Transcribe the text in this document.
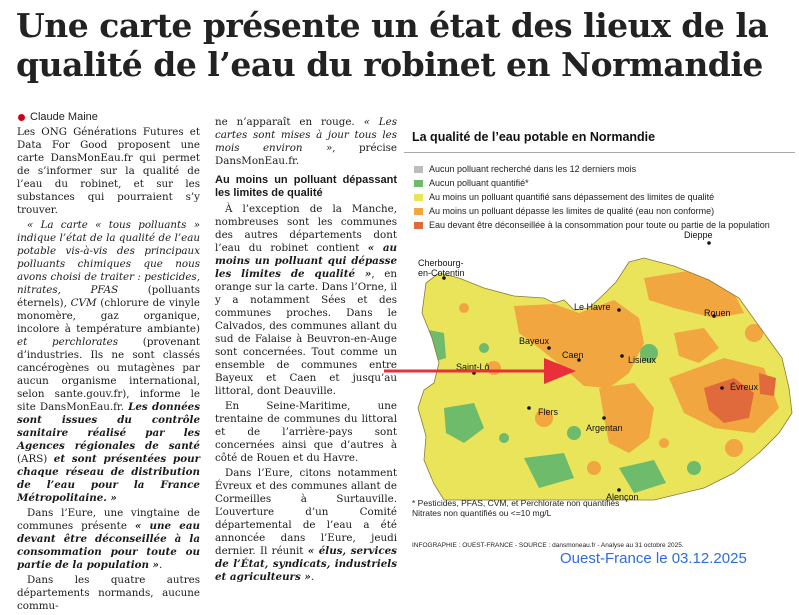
Une carte présente un état des lieux de la qualité de l’eau du robinet en Normandie
Claude Maine

Les ONG Générations Futures et Data For Good proposent une carte DansMonEau.fr qui permet de s’informer sur la qualité de l’eau du robinet, et sur les substances qui pourraient s’y trouver.

« La carte « tous polluants » indique l’état de la qualité de l’eau potable vis-à-vis des principaux polluants chimiques que nous avons choisi de traiter : pesticides, nitrates, PFAS (polluants éternels), CVM (chlorure de vinyle monomère, gaz organique, incolore à température ambiante) et perchlorates (provenant d’industries. Ils ne sont classés cancérogènes ou mutagènes par aucun organisme international, selon sante.gouv.fr), informe le site DansMonEau.fr. Les données sont issues du contrôle sanitaire réalisé par les Agences régionales de santé (ARS) et sont présentées pour chaque réseau de distribution de l’eau pour la France Métropolitaine. »

Dans l’Eure, une vingtaine de communes présente « une eau devant être déconseillée à la consommation pour toute ou partie de la population ».

Dans les quatre autres départements normands, aucune commu-

ne n’apparaît en rouge. « Les cartes sont mises à jour tous les mois environ », précise DansMonEau.fr.

Au moins un polluant dépassant les limites de qualité

À l’exception de la Manche, nombreuses sont les communes des autres départements dont l’eau du robinet contient « au moins un polluant qui dépasse les limites de qualité », en orange sur la carte. Dans l’Orne, il y a notamment Sées et des communes proches. Dans le Calvados, des communes allant du sud de Falaise à Beuvron-en-Auge sont concernées. Tout comme un ensemble de communes entre Bayeux et Caen et jusqu’au littoral, dont Deauville.

En Seine-Maritime, une trentaine de communes du littoral et de l’arrière-pays sont concernées ainsi que d’autres à côté de Rouen et du Havre.

Dans l’Eure, citons notamment Évreux et des communes allant de Cormeilles à Surtauville. L’ouverture d’un Comité départemental de l’eau a été annoncée dans l’Eure, jeudi dernier. Il réunit « élus, services de l’État, syndicats, industriels et agriculteurs ».

La qualité de l’eau potable en Normandie
Aucun polluant recherché dans les 12 derniers mois
Aucun polluant quantifié*
Au moins un polluant quantifié sans dépassement des limites de qualité
Au moins un polluant dépasse les limites de qualité (eau non conforme)
Eau devant être déconseillée à la consommation pour toute ou partie de la population
Dieppe
Cherbourg-
en-Cotentin
Le Havre
Rouen
Bayeux
Caen	Lisieux
Saint-Lô
Évreux
Flers
Argentan
Alençon
* Pesticides, PFAS, CVM, et Perchlorate non quantifiés
Nitrates non quantifiés ou <=10 mg/L
INFOGRAPHIE : OUEST-FRANCE - SOURCE : dansmoneau.fr - Analyse au 31 octobre 2025.
Ouest-France le 03.12.2025
